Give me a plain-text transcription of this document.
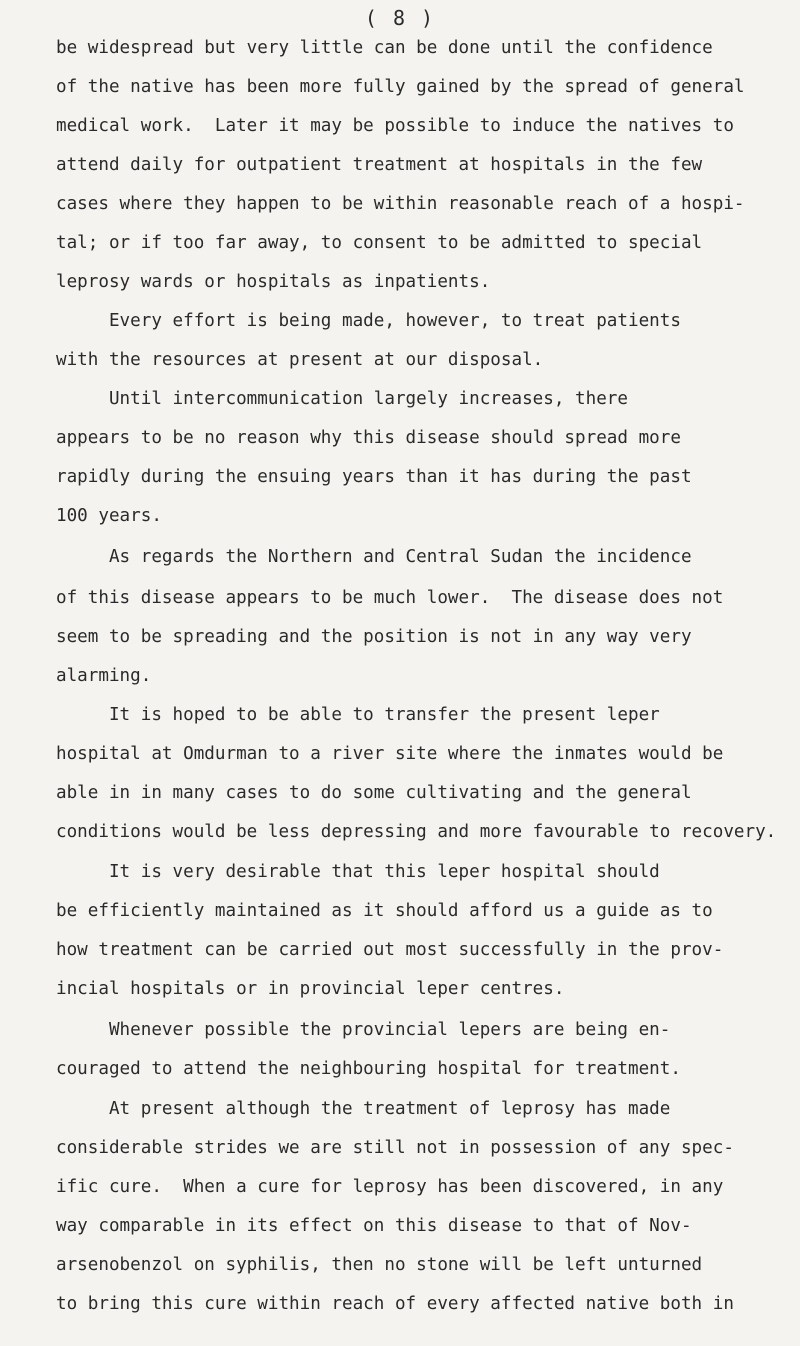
( 8 )
be widespread but very little can be done until the confidence
of the native has been more fully gained by the spread of general
medical work.  Later it may be possible to induce the natives to
attend daily for outpatient treatment at hospitals in the few
cases where they happen to be within reasonable reach of a hospi-
tal; or if too far away, to consent to be admitted to special
leprosy wards or hospitals as inpatients.
Every effort is being made, however, to treat patients
with the resources at present at our disposal.
Until intercommunication largely increases, there
appears to be no reason why this disease should spread more
rapidly during the ensuing years than it has during the past
100 years.
As regards the Northern and Central Sudan the incidence
of this disease appears to be much lower.  The disease does not
seem to be spreading and the position is not in any way very
alarming.
It is hoped to be able to transfer the present leper
hospital at Omdurman to a river site where the inmates would be
able in in many cases to do some cultivating and the general
conditions would be less depressing and more favourable to recovery.
It is very desirable that this leper hospital should
be efficiently maintained as it should afford us a guide as to
how treatment can be carried out most successfully in the prov-
incial hospitals or in provincial leper centres.
Whenever possible the provincial lepers are being en-
couraged to attend the neighbouring hospital for treatment.
At present although the treatment of leprosy has made
considerable strides we are still not in possession of any spec-
ific cure.  When a cure for leprosy has been discovered, in any
way comparable in its effect on this disease to that of Nov-
arsenobenzol on syphilis, then no stone will be left unturned
to bring this cure within reach of every affected native both in
